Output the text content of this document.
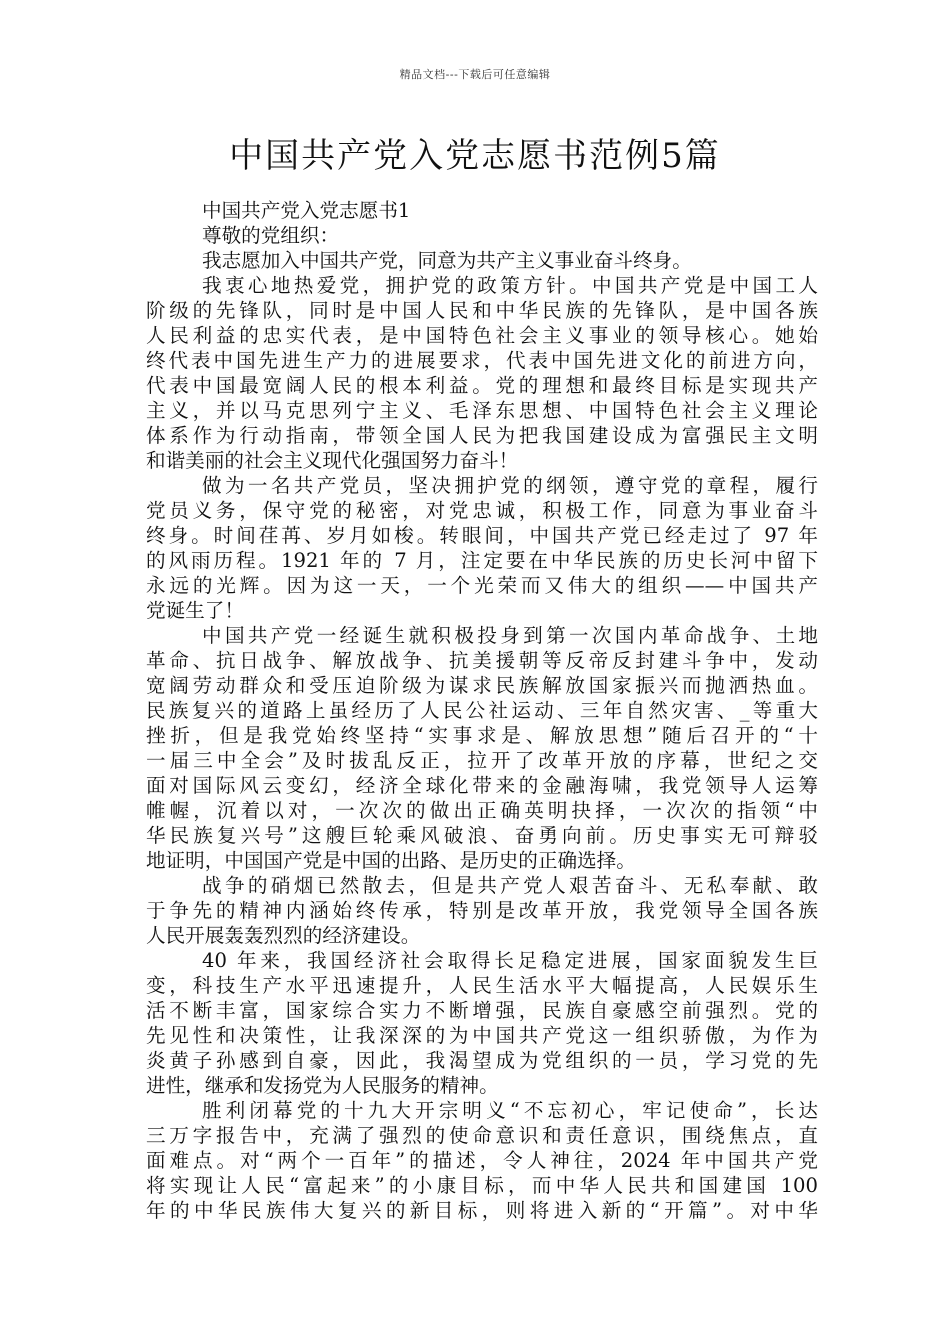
精品文档---下载后可任意编辑
中国共产党入党志愿书范例5篇
中国共产党入党志愿书1
尊敬的党组织：
我志愿加入中国共产党，同意为共产主义事业奋斗终身。
我衷心地热爱党，拥护党的政策方针。中国共产党是中国工人
阶级的先锋队，同时是中国人民和中华民族的先锋队，是中国各族
人民利益的忠实代表，是中国特色社会主义事业的领导核心。她始
终代表中国先进生产力的进展要求，代表中国先进文化的前进方向，
代表中国最宽阔人民的根本利益。党的理想和最终目标是实现共产
主义，并以马克思列宁主义、毛泽东思想、中国特色社会主义理论
体系作为行动指南，带领全国人民为把我国建设成为富强民主文明
和谐美丽的社会主义现代化强国努力奋斗！
做为一名共产党员，坚决拥护党的纲领，遵守党的章程，履行
党员义务，保守党的秘密，对党忠诚，积极工作，同意为事业奋斗
终身。时间荏苒、岁月如梭。转眼间，中国共产党已经走过了 97 年
的风雨历程。1921 年的 7 月，注定要在中华民族的历史长河中留下
永远的光辉。因为这一天，一个光荣而又伟大的组织——中国共产
党诞生了！
中国共产党一经诞生就积极投身到第一次国内革命战争、土地
革命、抗日战争、解放战争、抗美援朝等反帝反封建斗争中，发动
宽阔劳动群众和受压迫阶级为谋求民族解放国家振兴而抛洒热血。
民族复兴的道路上虽经历了人民公社运动、三年自然灾害、_等重大
挫折，但是我党始终坚持“实事求是、解放思想”随后召开的“十
一届三中全会”及时拔乱反正，拉开了改革开放的序幕，世纪之交
面对国际风云变幻，经济全球化带来的金融海啸，我党领导人运筹
帷幄，沉着以对，一次次的做出正确英明抉择，一次次的指领“中
华民族复兴号”这艘巨轮乘风破浪、奋勇向前。历史事实无可辩驳
地证明，中国国产党是中国的出路、是历史的正确选择。
战争的硝烟已然散去，但是共产党人艰苦奋斗、无私奉献、敢
于争先的精神内涵始终传承，特别是改革开放，我党领导全国各族
人民开展轰轰烈烈的经济建设。
40 年来，我国经济社会取得长足稳定进展，国家面貌发生巨
变，科技生产水平迅速提升，人民生活水平大幅提高，人民娱乐生
活不断丰富，国家综合实力不断增强，民族自豪感空前强烈。党的
先见性和决策性，让我深深的为中国共产党这一组织骄傲，为作为
炎黄子孙感到自豪，因此，我渴望成为党组织的一员，学习党的先
进性，继承和发扬党为人民服务的精神。
胜利闭幕党的十九大开宗明义“不忘初心，牢记使命”，长达
三万字报告中，充满了强烈的使命意识和责任意识，围绕焦点，直
面难点。对“两个一百年”的描述，令人神往，2024 年中国共产党
将实现让人民“富起来”的小康目标，而中华人民共和国建国 100
年的中华民族伟大复兴的新目标，则将进入新的“开篇”。对中华
